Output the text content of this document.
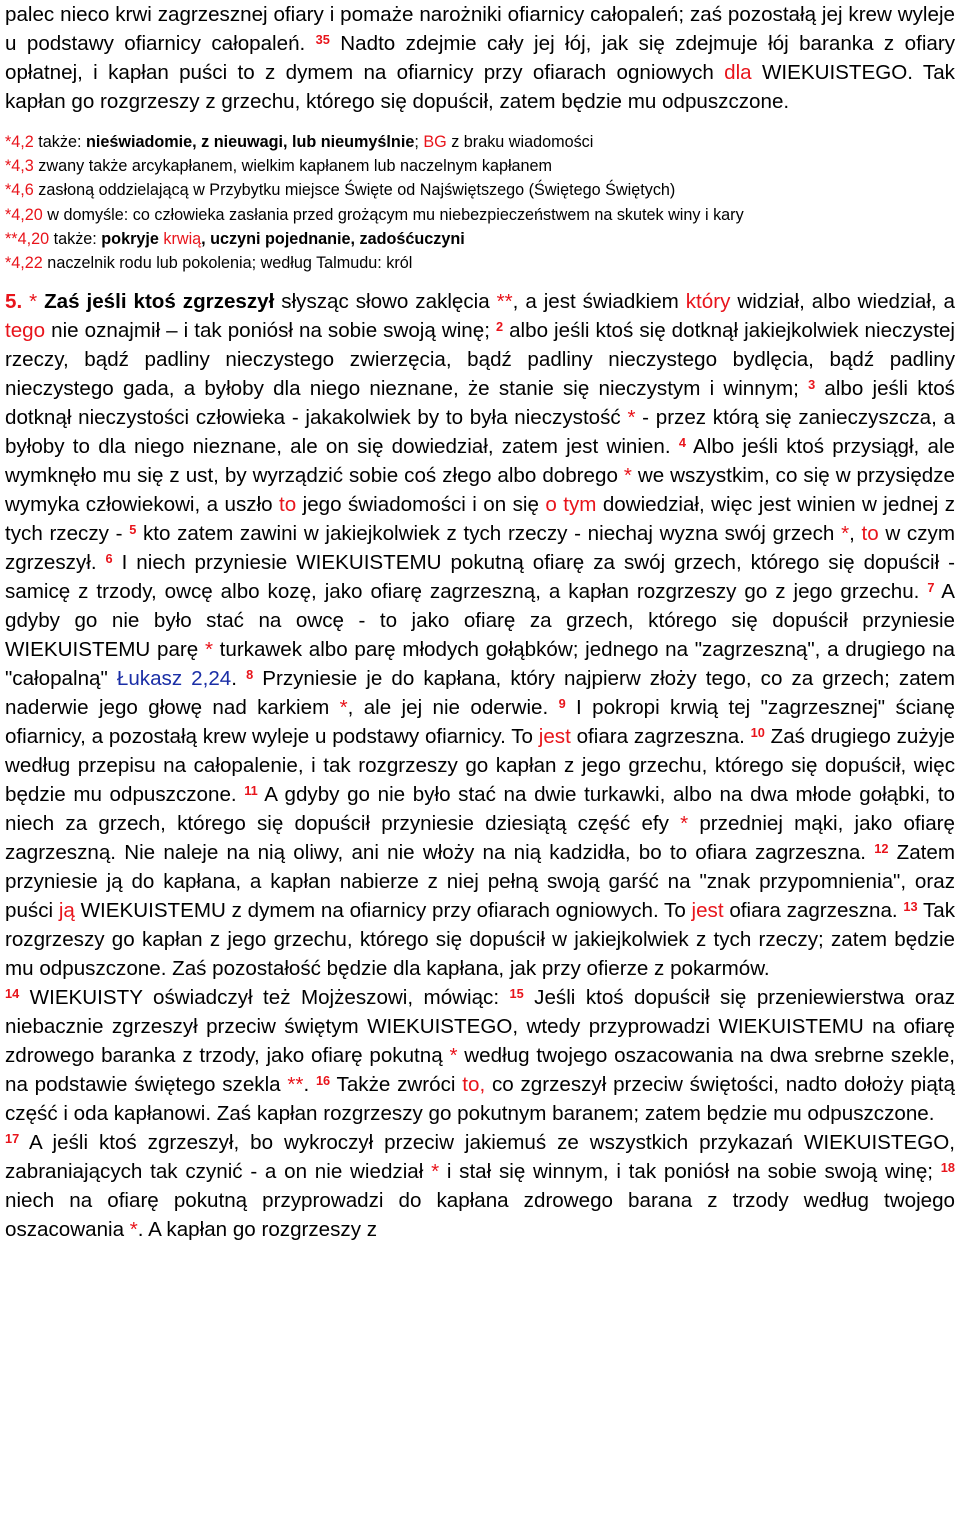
palec nieco krwi zagrzesznej ofiary i pomaże narożniki ofiarnicy całopaleń; zaś pozostałą jej krew wyleje u podstawy ofiarnicy całopaleń. $^{35}$ Nadto zdejmie cały jej łój, jak się zdejmuje łój baranka z ofiary opłatnej, i kapłan puści to z dymem na ofiarnicy przy ofiarach ogniowych dla WIEKUISTEGO. Tak kapłan go rozgrzeszy z grzechu, którego się dopuścił, zatem będzie mu odpuszczone.

*4,2 także: nieświadomie, z nieuwagi, lub nieumyślnie; BG z braku wiadomości

*4,3 zwany także arcykapłanem, wielkim kapłanem lub naczelnym kapłanem

*4,6 zasłoną oddzielającą w Przybytku miejsce Święte od Najświętszego (Świętego Świętych)

*4,20 w domyśle: co człowieka zasłania przed grożącym mu niebezpieczeństwem na skutek winy i kary

**4,20 także: pokryje krwią, uczyni pojednanie, zadośćuczyni

*4,22 naczelnik rodu lub pokolenia; według Talmudu: król

5. * Zaś jeśli ktoś zgrzeszył słysząc słowo zaklęcia **, a jest świadkiem który widział, albo wiedział, a tego nie oznajmił – i tak poniósł na sobie swoją winę; $^2$ albo jeśli ktoś się dotknął jakiejkolwiek nieczystej rzeczy, bądź padliny nieczystego zwierzęcia, bądź padliny nieczystego bydlęcia, bądź padliny nieczystego gada, a byłoby dla niego nieznane, że stanie się nieczystym i winnym; $^3$ albo jeśli ktoś dotknął nieczystości człowieka - jakakolwiek by to była nieczystość * - przez którą się zanieczyszcza, a byłoby to dla niego nieznane, ale on się dowiedział, zatem jest winien. $^4$ Albo jeśli ktoś przysiągł, ale wymknęło mu się z ust, by wyrządzić sobie coś złego albo dobrego * we wszystkim, co się w przysiędze wymyka człowiekowi, a uszło to jego świadomości i on się o tym dowiedział, więc jest winien w jednej z tych rzeczy - $^5$ kto zatem zawini w jakiejkolwiek z tych rzeczy - niechaj wyzna swój grzech *, to w czym zgrzeszył. $^6$ I niech przyniesie WIEKUISTEMU pokutną ofiarę za swój grzech, którego się dopuścił - samicę z trzody, owcę albo kozę, jako ofiarę zagrzeszną, a kapłan rozgrzeszy go z jego grzechu. $^7$ A gdyby go nie było stać na owcę - to jako ofiarę za grzech, którego się dopuścił przyniesie WIEKUISTEMU parę * turkawek albo parę młodych gołąbków; jednego na "zagrzeszną", a drugiego na "całopalną" Łukasz 2,24. $^8$ Przyniesie je do kapłana, który najpierw złoży tego, co za grzech; zatem naderwie jego głowę nad karkiem *, ale jej nie oderwie. $^9$ I pokropi krwią tej "zagrzesznej" ścianę ofiarnicy, a pozostałą krew wyleje u podstawy ofiarnicy. To jest ofiara zagrzeszna. $^{10}$ Zaś drugiego zużyje według przepisu na całopalenie, i tak rozgrzeszy go kapłan z jego grzechu, którego się dopuścił, więc będzie mu odpuszczone. $^{11}$ A gdyby go nie było stać na dwie turkawki, albo na dwa młode gołąbki, to niech za grzech, którego się dopuścił przyniesie dziesiątą część efy * przedniej mąki, jako ofiarę zagrzeszną. Nie naleje na nią oliwy, ani nie włoży na nią kadzidła, bo to ofiara zagrzeszna. $^{12}$ Zatem przyniesie ją do kapłana, a kapłan nabierze z niej pełną swoją garść na "znak przypomnienia", oraz puści ją WIEKUISTEMU z dymem na ofiarnicy przy ofiarach ogniowych. To jest ofiara zagrzeszna. $^{13}$ Tak rozgrzeszy go kapłan z jego grzechu, którego się dopuścił w jakiejkolwiek z tych rzeczy; zatem będzie mu odpuszczone. Zaś pozostałość będzie dla kapłana, jak przy ofierze z pokarmów.

$^{14}$ WIEKUISTY oświadczył też Mojżeszowi, mówiąc: $^{15}$ Jeśli ktoś dopuścił się przeniewierstwa oraz niebacznie zgrzeszył przeciw świętym WIEKUISTEGO, wtedy przyprowadzi WIEKUISTEMU na ofiarę zdrowego baranka z trzody, jako ofiarę pokutną * według twojego oszacowania na dwa srebrne szekle, na podstawie świętego szekla **. $^{16}$ Także zwróci to, co zgrzeszył przeciw świętości, nadto dołoży piątą część i oda kapłanowi. Zaś kapłan rozgrzeszy go pokutnym baranem; zatem będzie mu odpuszczone.

$^{17}$ A jeśli ktoś zgrzeszył, bo wykroczył przeciw jakiemuś ze wszystkich przykazań WIEKUISTEGO, zabraniających tak czynić - a on nie wiedział * i stał się winnym, i tak poniósł na sobie swoją winę; $^{18}$ niech na ofiarę pokutną przyprowadzi do kapłana zdrowego barana z trzody według twojego oszacowania *. A kapłan go rozgrzeszy z
